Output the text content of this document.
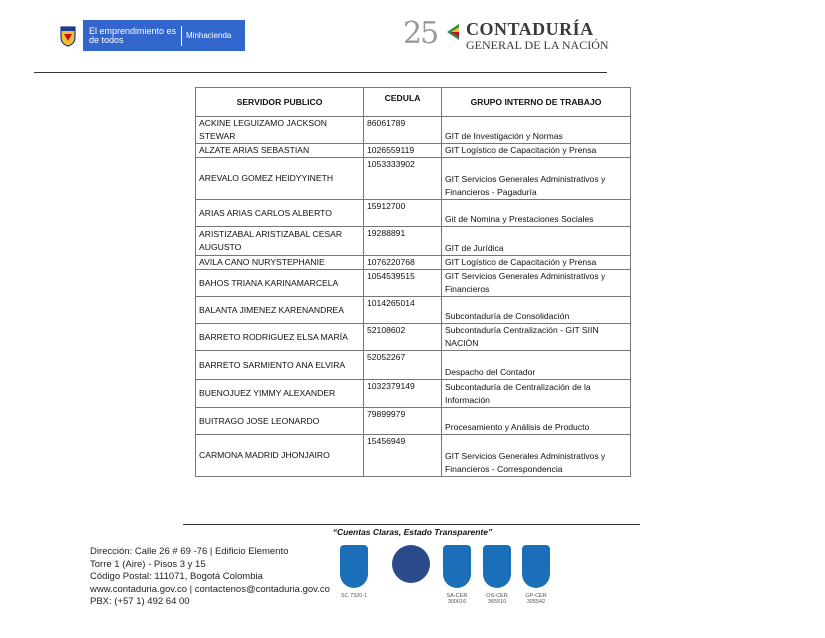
El emprendimiento es de todos	Minhacienda	25 CONTADURÍA
GENERAL DE LA NACIÓN
SERVIDOR PUBLICO	CEDULA	GRUPO INTERNO DE TRABAJO
ACKINE LEGUIZAMO JACKSON STEWAR	86061789	GIT de Investigación y Normas
ALZATE ARIAS SEBASTIAN	1026559119	GIT Logístico de Capacitación y Prensa
AREVALO GOMEZ HEIDYYINETH	1053333902	GIT Servicios Generales Administrativos y Financieros - Pagaduría
ARIAS ARIAS CARLOS ALBERTO	15912700	Git de Nomina y Prestaciones Sociales
ARISTIZABAL ARISTIZABAL CESAR AUGUSTO	19288891	GIT de Jurídica
AVILA CANO NURYSTEPHANIE	1076220768	GIT Logístico de Capacitación y Prensa
BAHOS TRIANA KARINAMARCELA	1054539515	GIT Servicios Generales Administrativos y Financieros
BALANTA JIMENEZ KARENANDREA	1014265014	Subcontaduría de Consolidación
BARRETO RODRIGUEZ ELSA MARÍA	52108602	Subcontaduría Centralización - GIT SIIN NACIÓN
BARRETO SARMIENTO ANA ELVIRA	52052267	Despacho del Contador
BUENOJUEZ YIMMY ALEXANDER	1032379149	Subcontaduría de Centralización de la Información
BUITRAGO JOSE LEONARDO	79899979	Procesamiento y Análisis de Producto
CARMONA MADRID JHONJAIRO	15456949	GIT Servicios Generales Administrativos y Financieros - Correspondencia
“Cuentas Claras, Estado Transparente”
Dirección: Calle 26 # 69 -76 | Edificio Elemento
Torre 1 (Aire) - Pisos 3 y 15
Código Postal: 111071, Bogotá Colombia
www.contaduria.gov.co | contactenos@contaduria.gov.co
PBX: (+57 1) 492 64 00
SC 7320-1	SA-CER 300616
OS-CER 365510
GP-CER 305542
